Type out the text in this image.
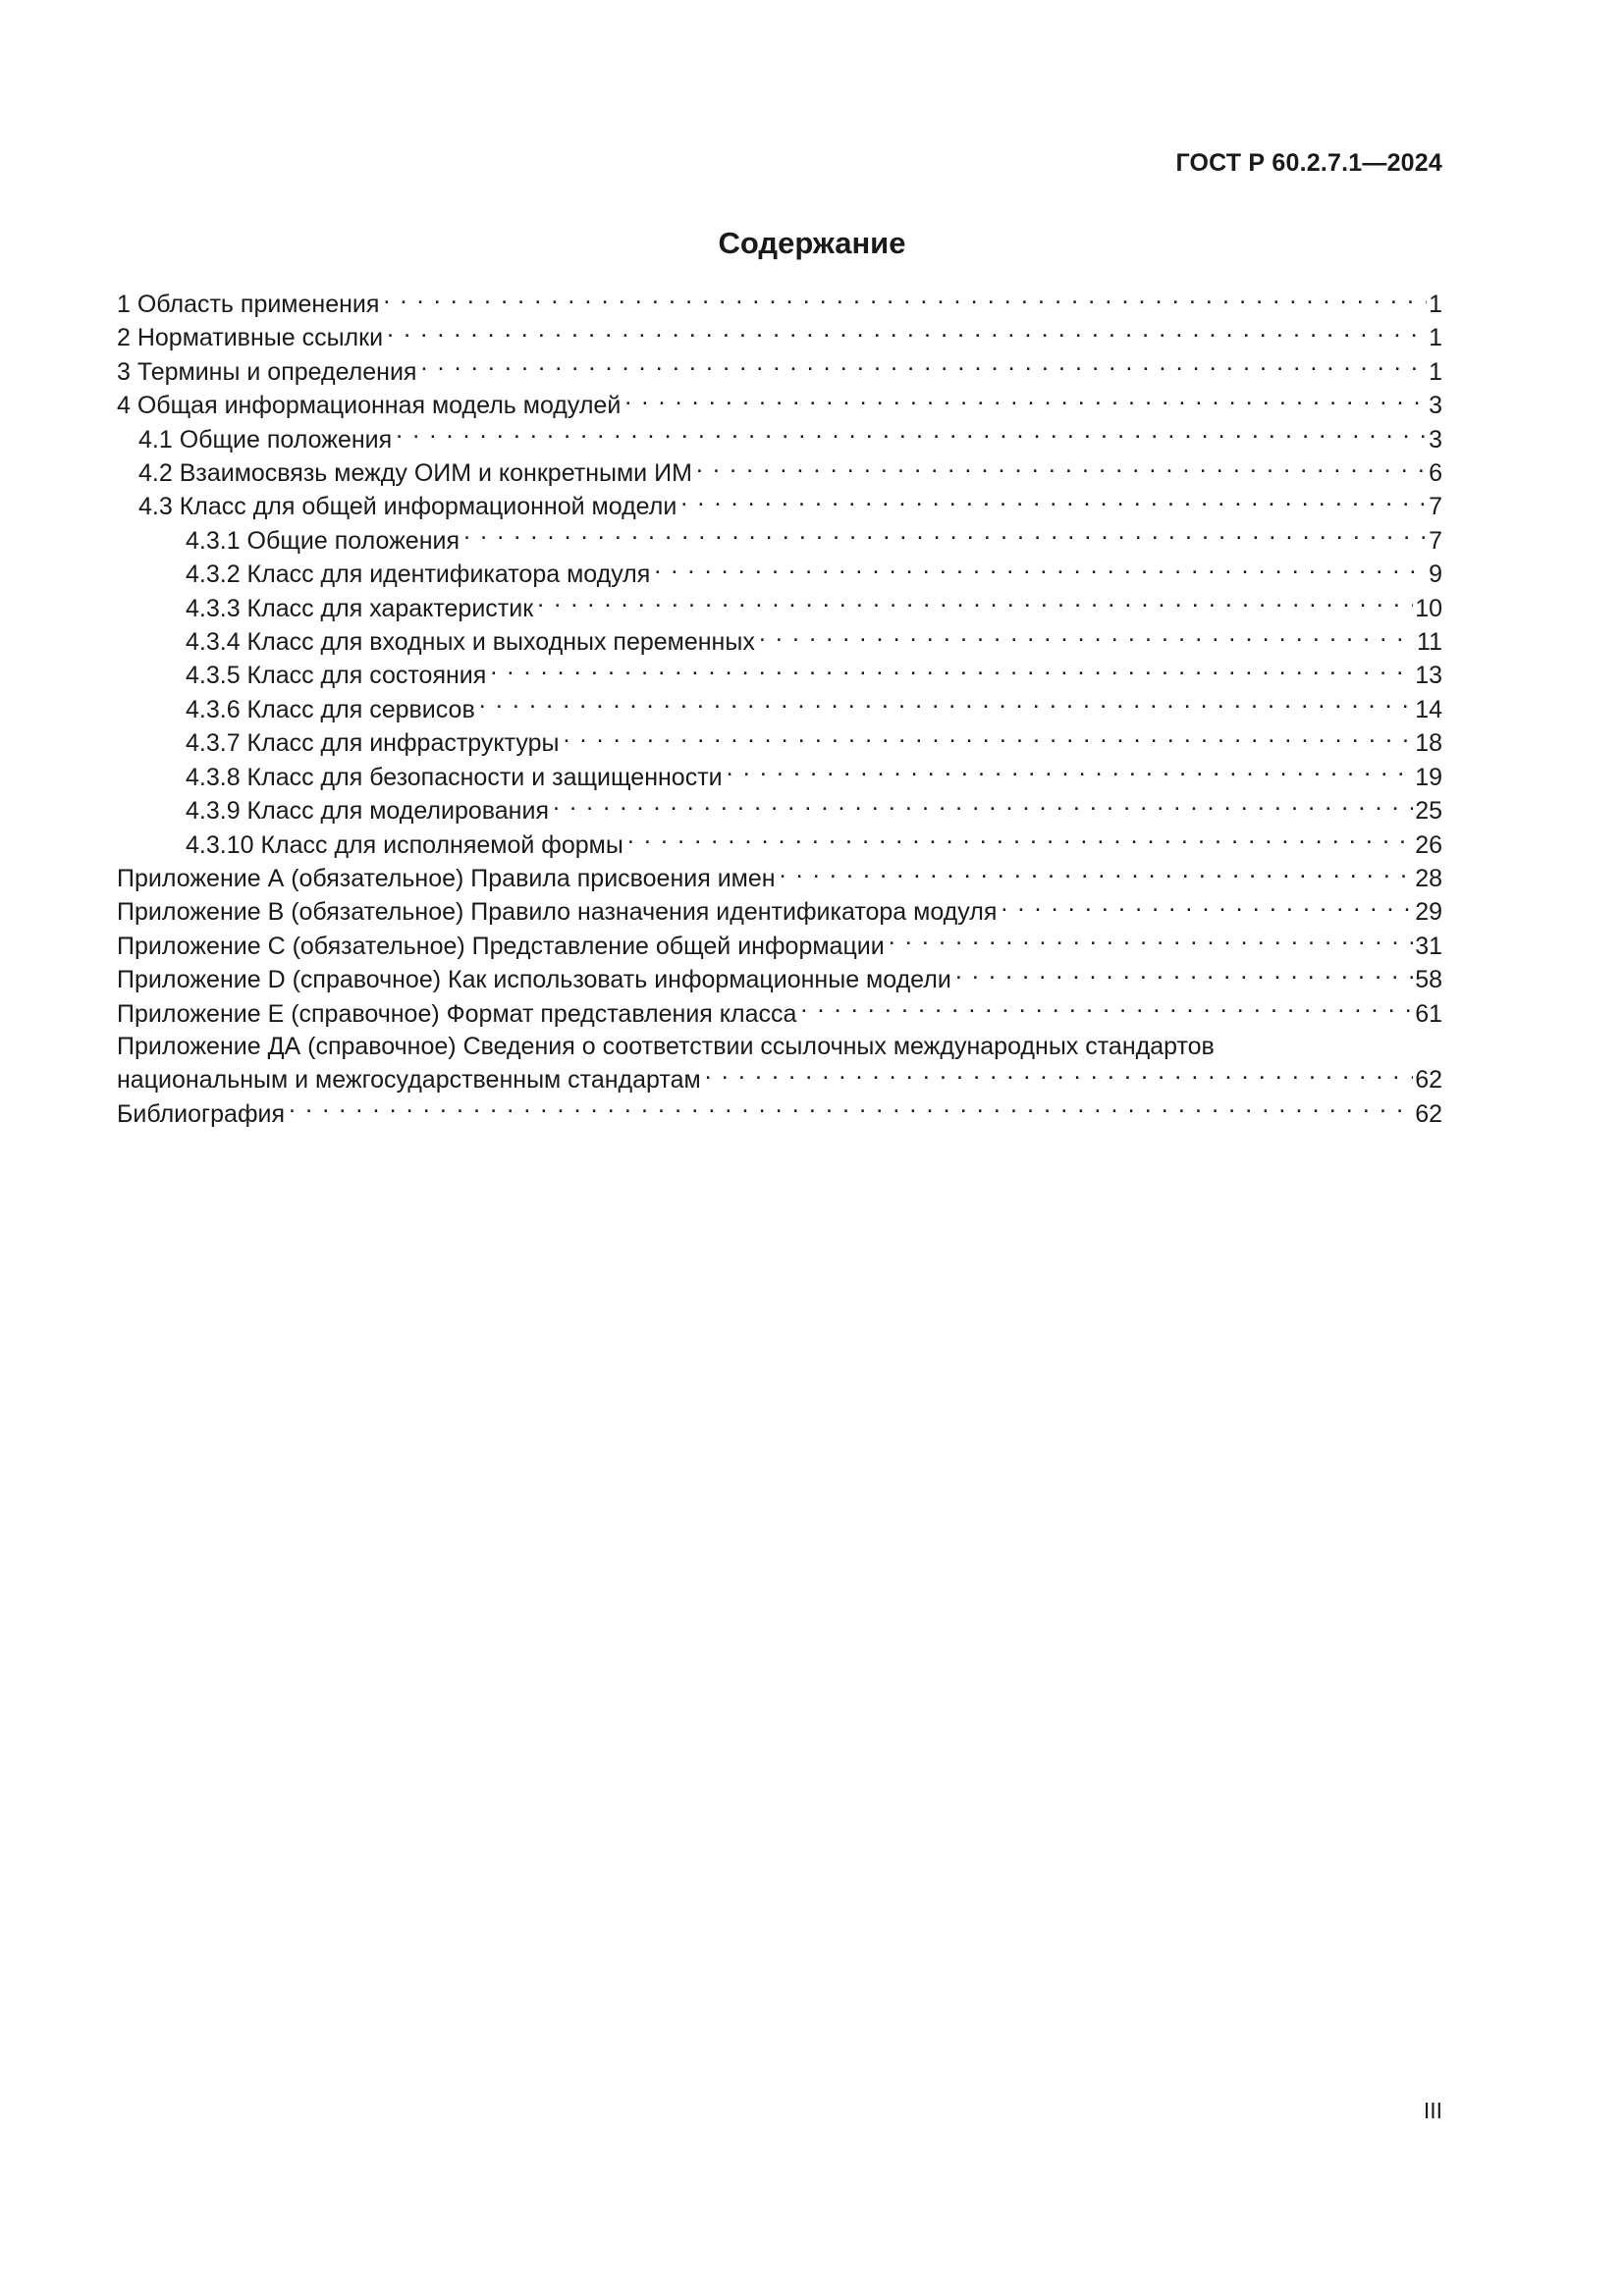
ГОСТ Р 60.2.7.1—2024
Содержание
1 Область применения . . .	1
2 Нормативные ссылки . . .	1
3 Термины и определения . . .	1
4 Общая информационная модель модулей . . .	3
4.1 Общие положения . . .	3
4.2 Взаимосвязь между ОИМ и конкретными ИМ . . .	6
4.3 Класс для общей информационной модели . . .	7
4.3.1 Общие положения . . .	7
4.3.2 Класс для идентификатора модуля . . .	9
4.3.3 Класс для характеристик . . .	10
4.3.4 Класс для входных и выходных переменных . . .	11
4.3.5 Класс для состояния . . .	13
4.3.6 Класс для сервисов . . .	14
4.3.7 Класс для инфраструктуры . . .	18
4.3.8 Класс для безопасности и защищенности . . .	19
4.3.9 Класс для моделирования . . .	25
4.3.10 Класс для исполняемой формы . . .	26
Приложение А (обязательное) Правила присвоения имен . . .	28
Приложение В (обязательное) Правило назначения идентификатора модуля . . .	29
Приложение С (обязательное) Представление общей информации . . .	31
Приложение D (справочное) Как использовать информационные модели . . .	58
Приложение Е (справочное) Формат представления класса . . .	61
Приложение ДА (справочное) Сведения о соответствии ссылочных международных стандартов
национальным и межгосударственным стандартам . . .	62
Библиография . . .	62
III
